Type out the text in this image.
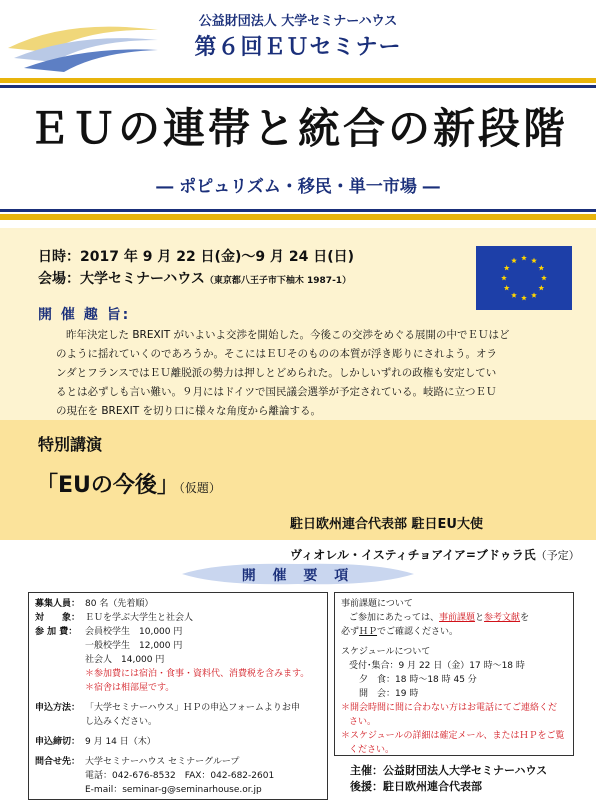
公益財団法人 大学セミナーハウス
第６回ＥＵセミナー
ＥＵの連帯と統合の新段階
― ポピュリズム・移民・単一市場 ―
日時：2017 年 9 月 22 日(金)～9 月 24 日(日)
会場：大学セミナーハウス（東京都八王子市下柚木 1987-1）
開 催 趣 旨:
昨年決定した BREXIT がいよいよ交渉を開始した。今後この交渉をめぐる展開の中でＥＵはど
のように揺れていくのであろうか。そこにはＥＵそのものの本質が浮き彫りにされよう。オラ
ンダとフランスではＥＵ離脱派の勢力は押しとどめられた。しかしいずれの政権も安定してい
るとは必ずしも言い難い。９月にはドイツで国民議会選挙が予定されている。岐路に立つＥＵ
の現在を BREXIT を切り口に様々な角度から離論する。
特別講演
「EUの今後」（仮題）
駐日欧州連合代表部 駐日EU大使
ヴィオレル・イスティチョアイア=ブドゥラ氏（予定）
開 催 要 項
募集人員： 80 名（先着順）
対　　象： ＥＵを学ぶ大学生と社会人
参 加 費： 会員校学生　10,000 円
一般校学生　12,000 円
社会人　14,000 円
＊参加費には宿泊・食事・資料代、消費税を含みます。
＊宿舎は相部屋です。
申込方法： 「大学セミナーハウス」ＨＰの申込フォームよりお申
し込みください。
申込締切： 9 月 14 日（木）
問合せ先： 大学セミナーハウス セミナーグループ
電話：042-676-8532　FAX：042-682-2601
E-mail：seminar-g@seminarhouse.or.jp
事前課題について
ご参加にあたっては、事前課題と参考文献を
必ずＨＰでご確認ください。
スケジュールについて
受付･集合：9 月 22 日（金）17 時～18 時
夕　食：18 時～18 時 45 分
開　会：19 時
＊開会時間に間に合わない方はお電話にてご連絡くだ
さい。
＊スケジュールの詳細は確定メール、またはＨＰをご覧
ください。
主催：公益財団法人大学セミナーハウス
後援：駐日欧州連合代表部
